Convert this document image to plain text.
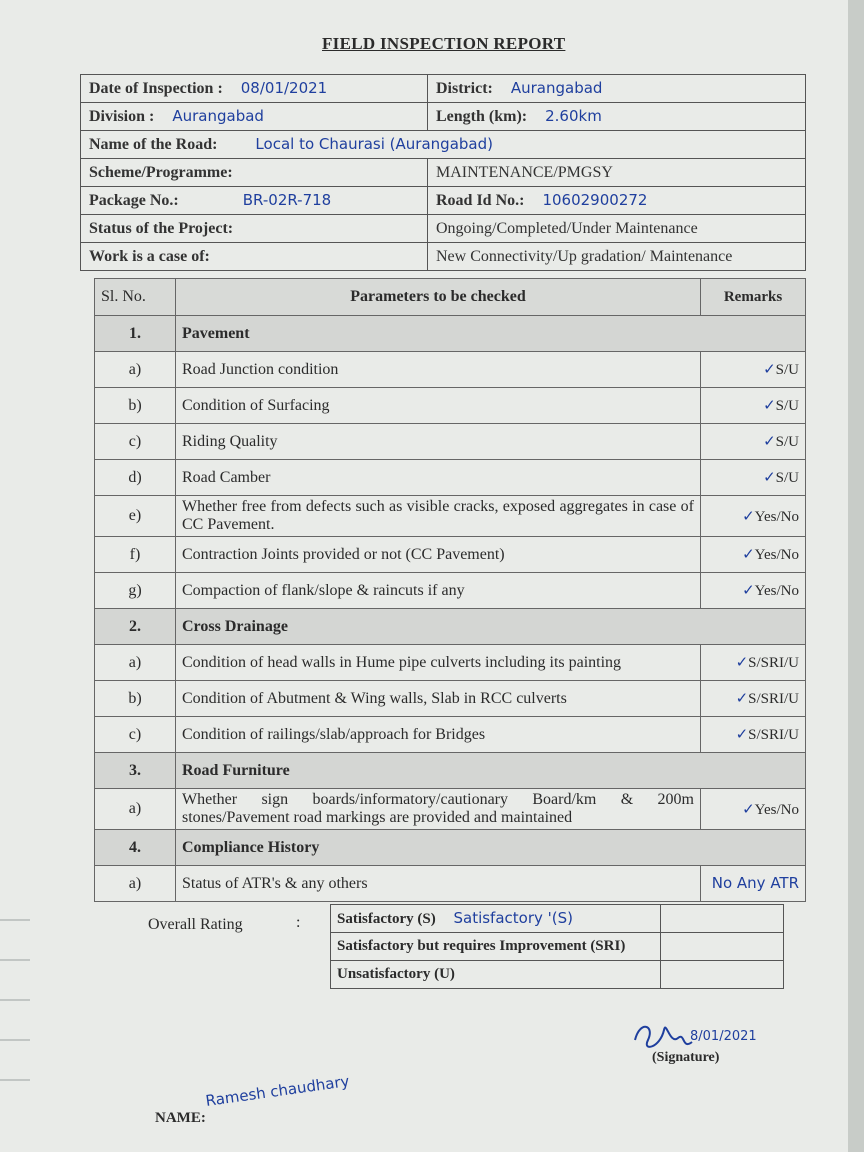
FIELD INSPECTION REPORT
Date of Inspection : 08/01/2021	District: Aurangabad
Division : Aurangabad	Length (km): 2.60km
Name of the Road: Local to Chaurasi (Aurangabad)	
Scheme/Programme:	MAINTENANCE/PMGSY
Package No.: BR-02R-718	Road Id No.: 10602900272
Status of the Project:	Ongoing/Completed/Under Maintenance
Work is a case of:	New Connectivity/Up gradation/ Maintenance
Sl. No.	Parameters to be checked	Remarks
1.	Pavement	
a)	Road Junction condition	✓S/U
b)	Condition of Surfacing	✓S/U
c)	Riding Quality	✓S/U
d)	Road Camber	✓S/U
e)	Whether free from defects such as visible cracks, exposed aggregates in case of CC Pavement.	✓Yes/No
f)	Contraction Joints provided or not (CC Pavement)	✓Yes/No
g)	Compaction of flank/slope & raincuts if any	✓Yes/No
2.	Cross Drainage	
a)	Condition of head walls in Hume pipe culverts including its painting	✓S/SRI/U
b)	Condition of Abutment & Wing walls, Slab in RCC culverts	✓S/SRI/U
c)	Condition of railings/slab/approach for Bridges	✓S/SRI/U
3.	Road Furniture	
a)	Whether sign boards/informatory/cautionary Board/km & 200m stones/Pavement road markings are provided and maintained	✓Yes/No
4.	Compliance History	
a)	Status of ATR's & any others	No Any ATR
Overall Rating	: Satisfactory (S) Satisfactory '(S)	
Satisfactory but requires Improvement (SRI)	
Unsatisfactory (U)	
8/01/2021
(Signature)
NAME:
Ramesh chaudhary
